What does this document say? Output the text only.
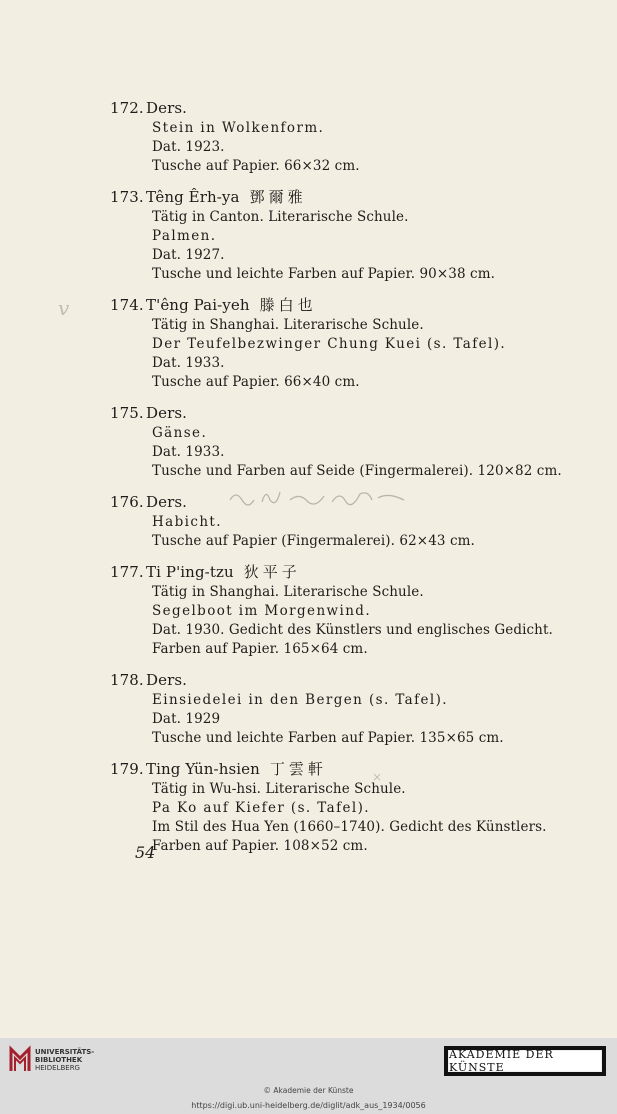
172. Ders.
Stein in Wolkenform.
Dat. 1923.
Tusche auf Papier. 66×32 cm.
173. Têng Êrh-ya 鄧爾雅
Tätig in Canton. Literarische Schule.
Palmen.
Dat. 1927.
Tusche und leichte Farben auf Papier. 90×38 cm.
174. T'êng Pai-yeh 滕白也
Tätig in Shanghai. Literarische Schule.
Der Teufelbezwinger Chung Kuei (s. Tafel).
Dat. 1933.
Tusche auf Papier. 66×40 cm.
175. Ders.
Gänse.
Dat. 1933.
Tusche und Farben auf Seide (Fingermalerei). 120×82 cm.
176. Ders.
Habicht.
Tusche auf Papier (Fingermalerei). 62×43 cm.
177. Ti P'ing-tzu 狄平子
Tätig in Shanghai. Literarische Schule.
Segelboot im Morgenwind.
Dat. 1930. Gedicht des Künstlers und englisches Gedicht.
Farben auf Papier. 165×64 cm.
178. Ders.
Einsiedelei in den Bergen (s. Tafel).
Dat. 1929
Tusche und leichte Farben auf Papier. 135×65 cm.
179. Ting Yün-hsien 丁雲軒
Tätig in Wu-hsi. Literarische Schule.
Pa Ko auf Kiefer (s. Tafel).
Im Stil des Hua Yen (1660–1740). Gedicht des Künstlers.
Farben auf Papier. 108×52 cm.
v
×
54
UNIVERSITÄTS-
BIBLIOTHEK
HEIDELBERG
AKADEMIE DER KÜNSTE
© Akademie der Künste
https://digi.ub.uni-heidelberg.de/diglit/adk_aus_1934/0056
